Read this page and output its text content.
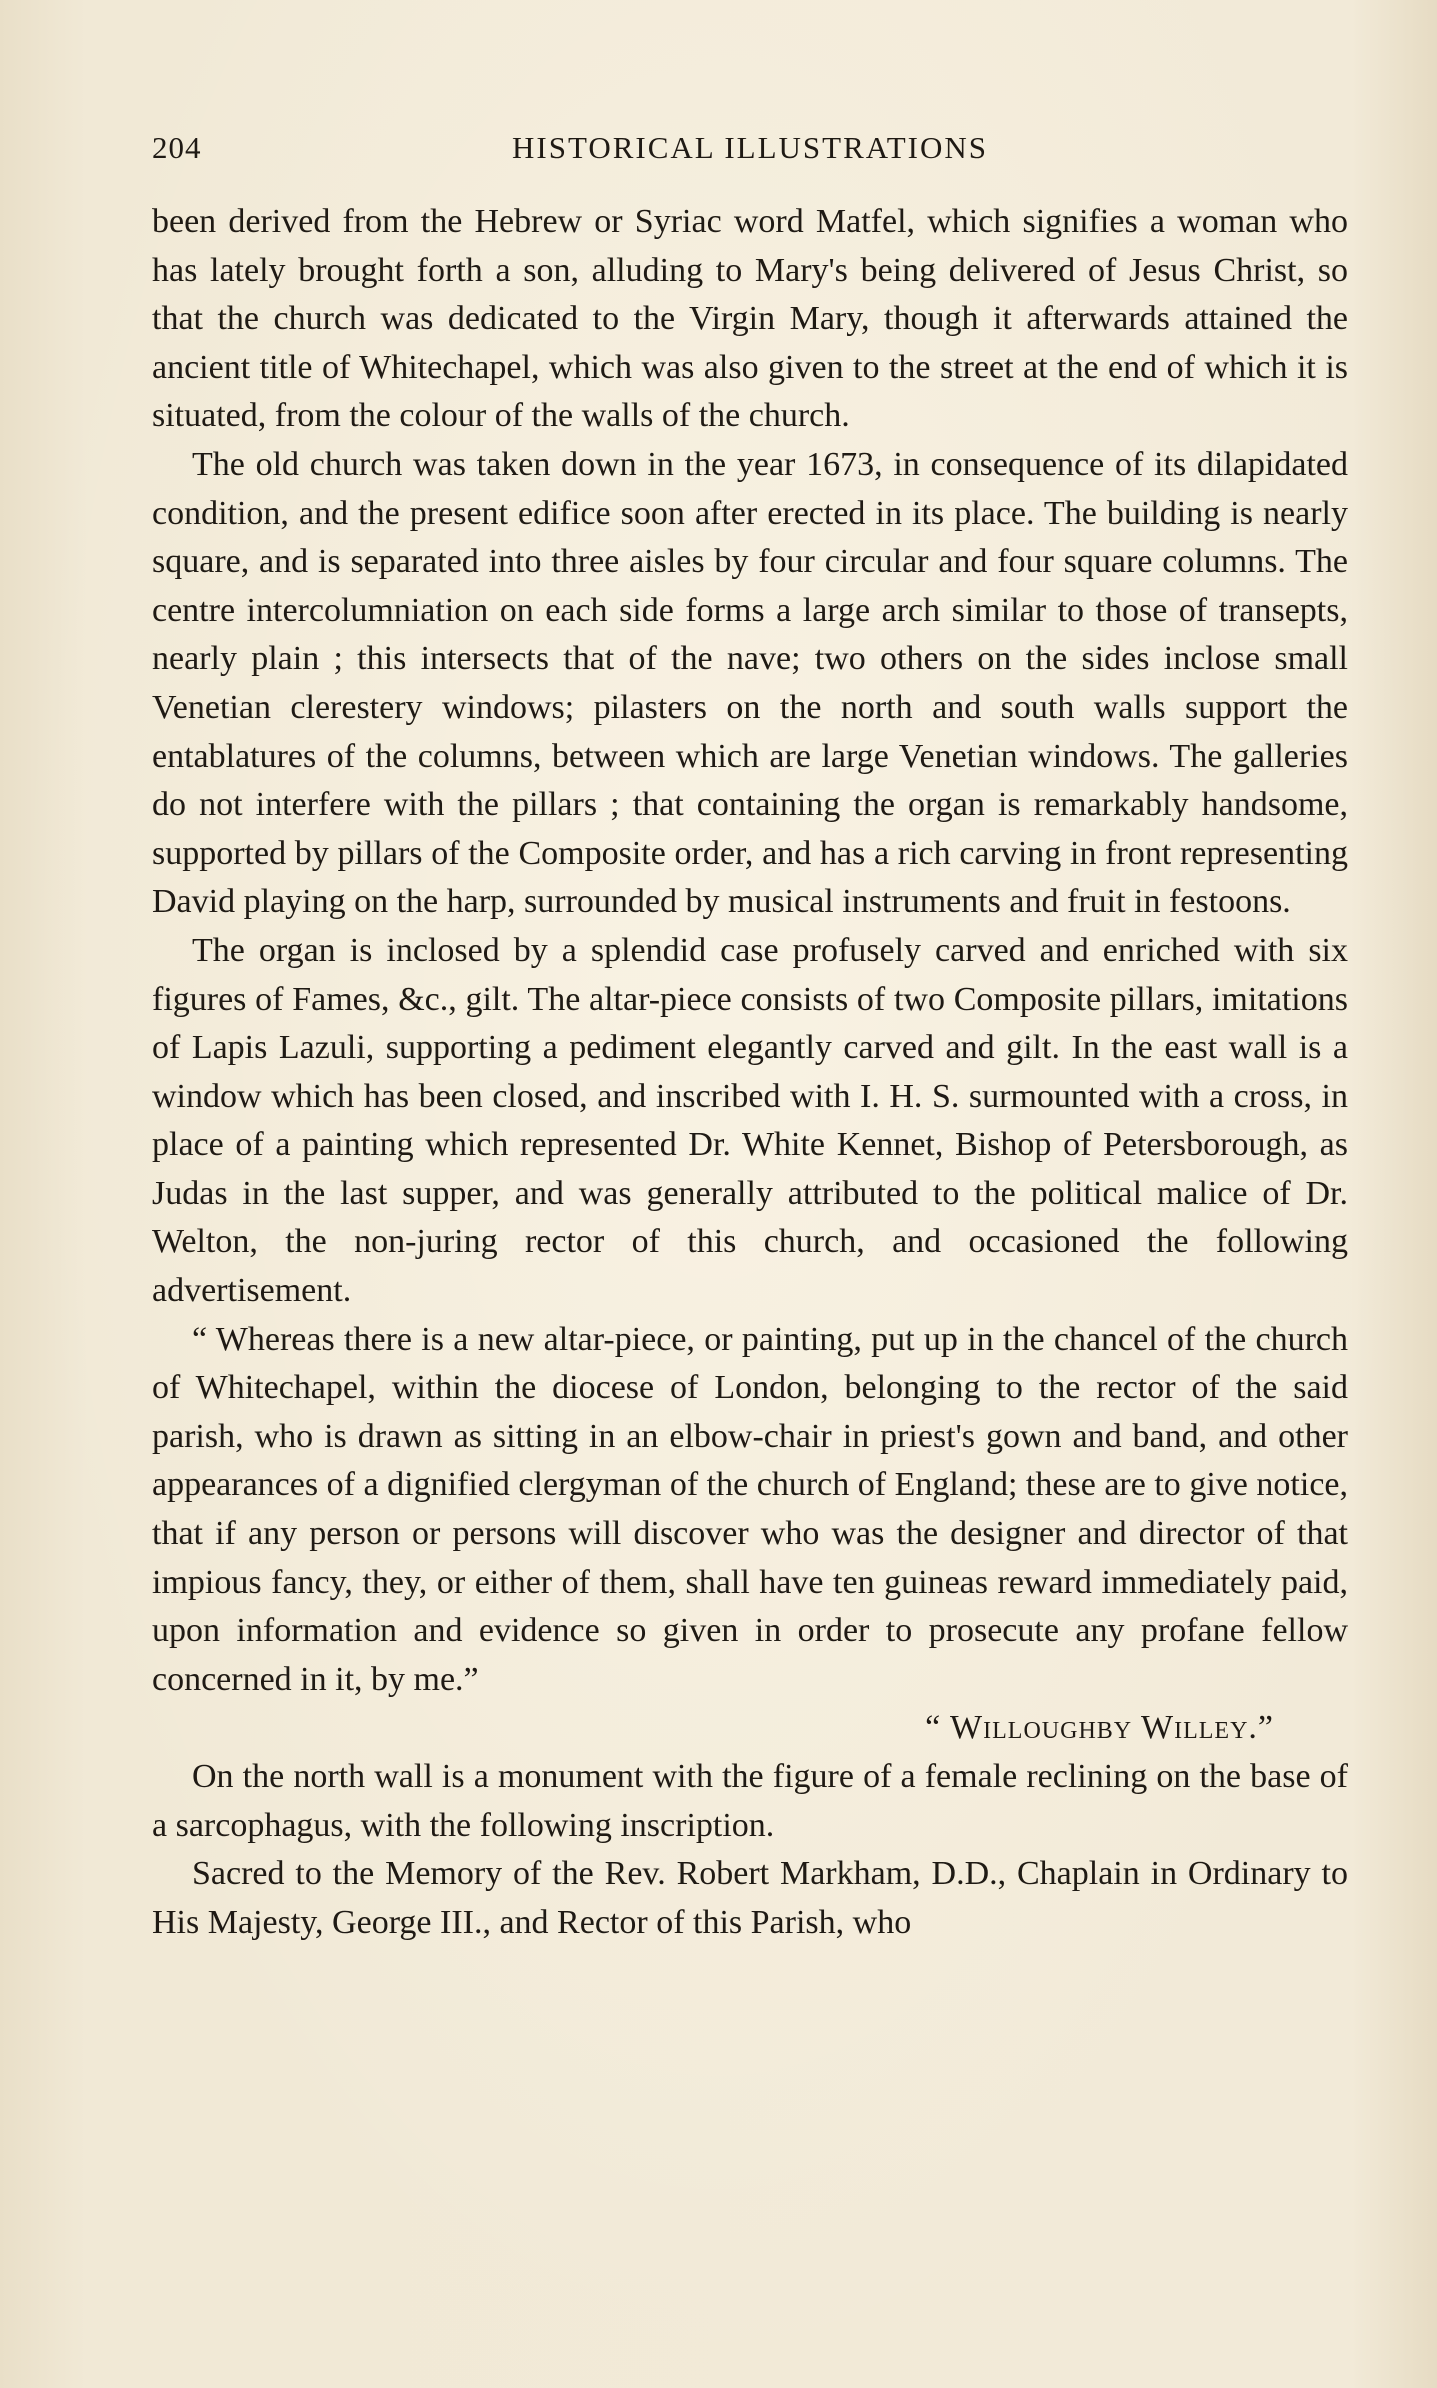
204	HISTORICAL ILLUSTRATIONS

been derived from the Hebrew or Syriac word Matfel, which signifies a woman who has lately brought forth a son, alluding to Mary's being delivered of Jesus Christ, so that the church was dedicated to the Virgin Mary, though it afterwards attained the ancient title of Whitechapel, which was also given to the street at the end of which it is situated, from the colour of the walls of the church.

The old church was taken down in the year 1673, in consequence of its dilapidated condition, and the present edifice soon after erected in its place. The building is nearly square, and is separated into three aisles by four circular and four square columns. The centre intercolumniation on each side forms a large arch similar to those of transepts, nearly plain ; this intersects that of the nave; two others on the sides inclose small Venetian clerestery windows; pilasters on the north and south walls support the entablatures of the columns, between which are large Venetian windows. The galleries do not interfere with the pillars ; that containing the organ is remarkably handsome, supported by pillars of the Composite order, and has a rich carving in front representing David playing on the harp, surrounded by musical instruments and fruit in festoons.

The organ is inclosed by a splendid case profusely carved and enriched with six figures of Fames, &c., gilt. The altar-piece consists of two Composite pillars, imitations of Lapis Lazuli, supporting a pediment elegantly carved and gilt. In the east wall is a window which has been closed, and inscribed with I. H. S. surmounted with a cross, in place of a painting which represented Dr. White Kennet, Bishop of Petersborough, as Judas in the last supper, and was generally attributed to the political malice of Dr. Welton, the non-juring rector of this church, and occasioned the following advertisement.

“ Whereas there is a new altar-piece, or painting, put up in the chancel of the church of Whitechapel, within the diocese of London, belonging to the rector of the said parish, who is drawn as sitting in an elbow-chair in priest's gown and band, and other appearances of a dignified clergyman of the church of England; these are to give notice, that if any person or persons will discover who was the designer and director of that impious fancy, they, or either of them, shall have ten guineas reward immediately paid, upon information and evidence so given in order to prosecute any profane fellow concerned in it, by me.”

“ Willoughby Willey.”

On the north wall is a monument with the figure of a female reclining on the base of a sarcophagus, with the following inscription.

Sacred to the Memory of the Rev. Robert Markham, D.D., Chaplain in Ordinary to His Majesty, George III., and Rector of this Parish, who
